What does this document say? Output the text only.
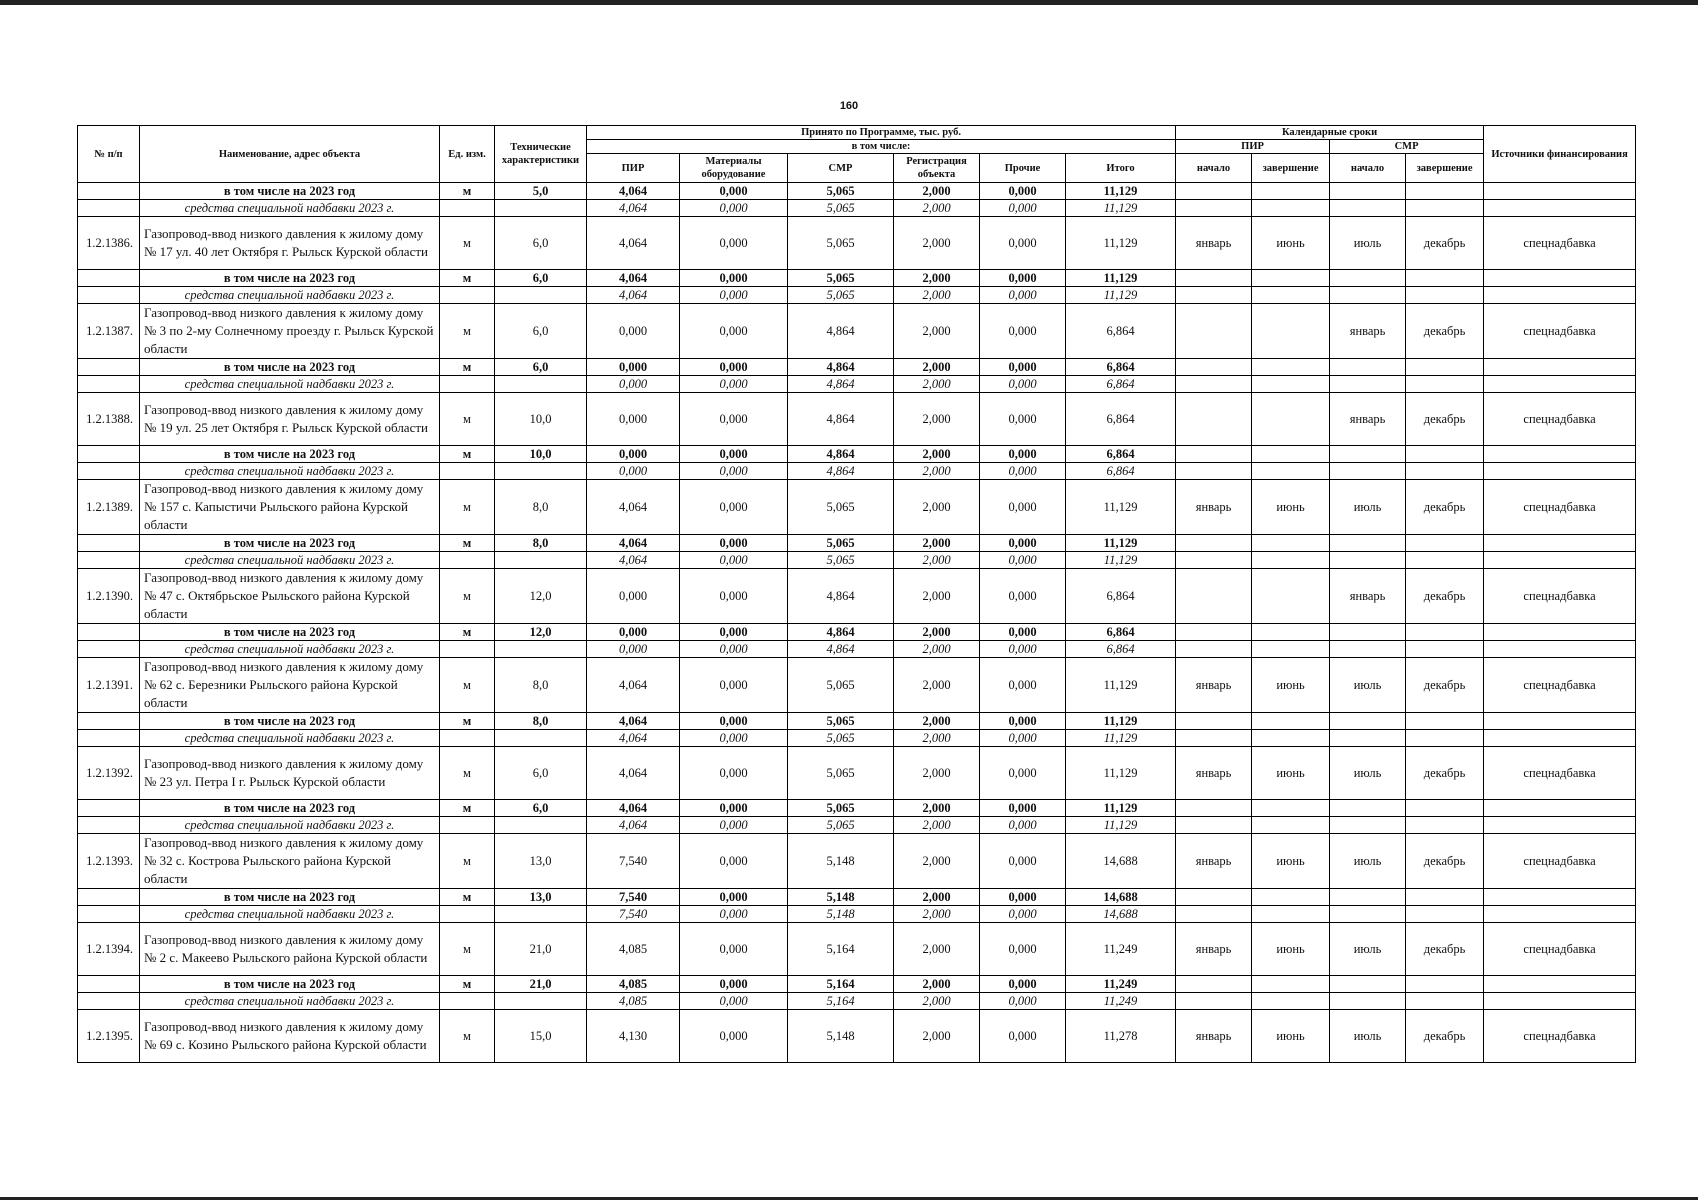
160
№ п/п	Наименование, адрес объекта	Ед. изм.	Технические характеристики	Принято по Программе, тыс. руб.						Календарные сроки				Источники финансирования
				в том числе:						ПИР		СМР		
				ПИР	Материалы оборудование	СМР	Регистрация объекта	Прочие	Итого	начало	завершение	начало	завершение	
	в том числе на 2023 год	м	5,0	4,064	0,000	5,065	2,000	0,000	11,129					
	средства специальной надбавки 2023 г.			4,064	0,000	5,065	2,000	0,000	11,129					
1.2.1386.	Газопровод-ввод низкого давления к жилому дому № 17 ул. 40 лет Октября г. Рыльск Курской области	м	6,0	4,064	0,000	5,065	2,000	0,000	11,129	январь	июнь	июль	декабрь	спецнадбавка
	в том числе на 2023 год	м	6,0	4,064	0,000	5,065	2,000	0,000	11,129					
	средства специальной надбавки 2023 г.			4,064	0,000	5,065	2,000	0,000	11,129					
1.2.1387.	Газопровод-ввод низкого давления к жилому дому № 3 по 2-му Солнечному проезду г. Рыльск Курской области	м	6,0	0,000	0,000	4,864	2,000	0,000	6,864			январь	декабрь	спецнадбавка
	в том числе на 2023 год	м	6,0	0,000	0,000	4,864	2,000	0,000	6,864					
	средства специальной надбавки 2023 г.			0,000	0,000	4,864	2,000	0,000	6,864					
1.2.1388.	Газопровод-ввод низкого давления к жилому дому № 19 ул. 25 лет Октября г. Рыльск Курской области	м	10,0	0,000	0,000	4,864	2,000	0,000	6,864			январь	декабрь	спецнадбавка
	в том числе на 2023 год	м	10,0	0,000	0,000	4,864	2,000	0,000	6,864					
	средства специальной надбавки 2023 г.			0,000	0,000	4,864	2,000	0,000	6,864					
1.2.1389.	Газопровод-ввод низкого давления к жилому дому № 157 с. Капыстичи Рыльского района Курской области	м	8,0	4,064	0,000	5,065	2,000	0,000	11,129	январь	июнь	июль	декабрь	спецнадбавка
	в том числе на 2023 год	м	8,0	4,064	0,000	5,065	2,000	0,000	11,129					
	средства специальной надбавки 2023 г.			4,064	0,000	5,065	2,000	0,000	11,129					
1.2.1390.	Газопровод-ввод низкого давления к жилому дому № 47 с. Октябрьское Рыльского района Курской области	м	12,0	0,000	0,000	4,864	2,000	0,000	6,864			январь	декабрь	спецнадбавка
	в том числе на 2023 год	м	12,0	0,000	0,000	4,864	2,000	0,000	6,864					
	средства специальной надбавки 2023 г.			0,000	0,000	4,864	2,000	0,000	6,864					
1.2.1391.	Газопровод-ввод низкого давления к жилому дому № 62 с. Березники Рыльского района Курской области	м	8,0	4,064	0,000	5,065	2,000	0,000	11,129	январь	июнь	июль	декабрь	спецнадбавка
	в том числе на 2023 год	м	8,0	4,064	0,000	5,065	2,000	0,000	11,129					
	средства специальной надбавки 2023 г.			4,064	0,000	5,065	2,000	0,000	11,129					
1.2.1392.	Газопровод-ввод низкого давления к жилому дому № 23 ул. Петра I г. Рыльск Курской области	м	6,0	4,064	0,000	5,065	2,000	0,000	11,129	январь	июнь	июль	декабрь	спецнадбавка
	в том числе на 2023 год	м	6,0	4,064	0,000	5,065	2,000	0,000	11,129					
	средства специальной надбавки 2023 г.			4,064	0,000	5,065	2,000	0,000	11,129					
1.2.1393.	Газопровод-ввод низкого давления к жилому дому № 32 с. Кострова Рыльского района Курской области	м	13,0	7,540	0,000	5,148	2,000	0,000	14,688	январь	июнь	июль	декабрь	спецнадбавка
	в том числе на 2023 год	м	13,0	7,540	0,000	5,148	2,000	0,000	14,688					
	средства специальной надбавки 2023 г.			7,540	0,000	5,148	2,000	0,000	14,688					
1.2.1394.	Газопровод-ввод низкого давления к жилому дому № 2 с. Макеево Рыльского района Курской области	м	21,0	4,085	0,000	5,164	2,000	0,000	11,249	январь	июнь	июль	декабрь	спецнадбавка
	в том числе на 2023 год	м	21,0	4,085	0,000	5,164	2,000	0,000	11,249					
	средства специальной надбавки 2023 г.			4,085	0,000	5,164	2,000	0,000	11,249					
1.2.1395.	Газопровод-ввод низкого давления к жилому дому № 69 с. Козино Рыльского района Курской области	м	15,0	4,130	0,000	5,148	2,000	0,000	11,278	январь	июнь	июль	декабрь	спецнадбавка
